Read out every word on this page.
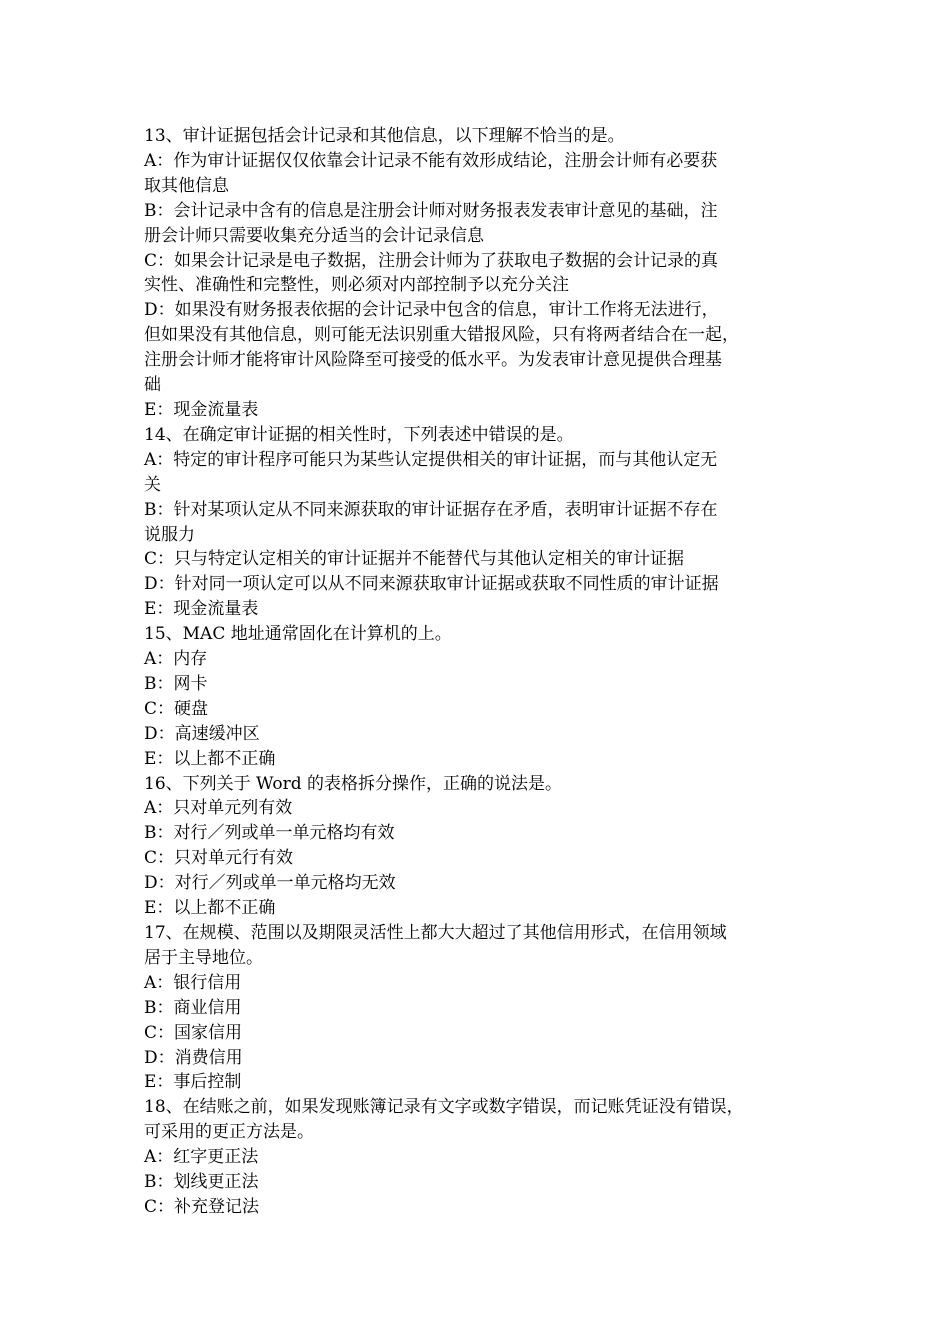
13、审计证据包括会计记录和其他信息，以下理解不恰当的是。

A：作为审计证据仅仅依靠会计记录不能有效形成结论，注册会计师有必要获

取其他信息

B：会计记录中含有的信息是注册会计师对财务报表发表审计意见的基础，注

册会计师只需要收集充分适当的会计记录信息

C：如果会计记录是电子数据，注册会计师为了获取电子数据的会计记录的真

实性、准确性和完整性，则必须对内部控制予以充分关注

D：如果没有财务报表依据的会计记录中包含的信息，审计工作将无法进行，

但如果没有其他信息，则可能无法识别重大错报风险，只有将两者结合在一起，

注册会计师才能将审计风险降至可接受的低水平。为发表审计意见提供合理基

础

E：现金流量表

14、在确定审计证据的相关性时，下列表述中错误的是。

A：特定的审计程序可能只为某些认定提供相关的审计证据，而与其他认定无

关

B：针对某项认定从不同来源获取的审计证据存在矛盾，表明审计证据不存在

说服力

C：只与特定认定相关的审计证据并不能替代与其他认定相关的审计证据

D：针对同一项认定可以从不同来源获取审计证据或获取不同性质的审计证据

E：现金流量表

15、MAC 地址通常固化在计算机的上。

A：内存

B：网卡

C：硬盘

D：高速缓冲区

E：以上都不正确

16、下列关于 Word 的表格拆分操作，正确的说法是。

A：只对单元列有效

B：对行／列或单一单元格均有效

C：只对单元行有效

D：对行／列或单一单元格均无效

E：以上都不正确

17、在规模、范围以及期限灵活性上都大大超过了其他信用形式，在信用领域

居于主导地位。

A：银行信用

B：商业信用

C：国家信用

D：消费信用

E：事后控制

18、在结账之前，如果发现账簿记录有文字或数字错误，而记账凭证没有错误，

可采用的更正方法是。

A：红字更正法

B：划线更正法

C：补充登记法
